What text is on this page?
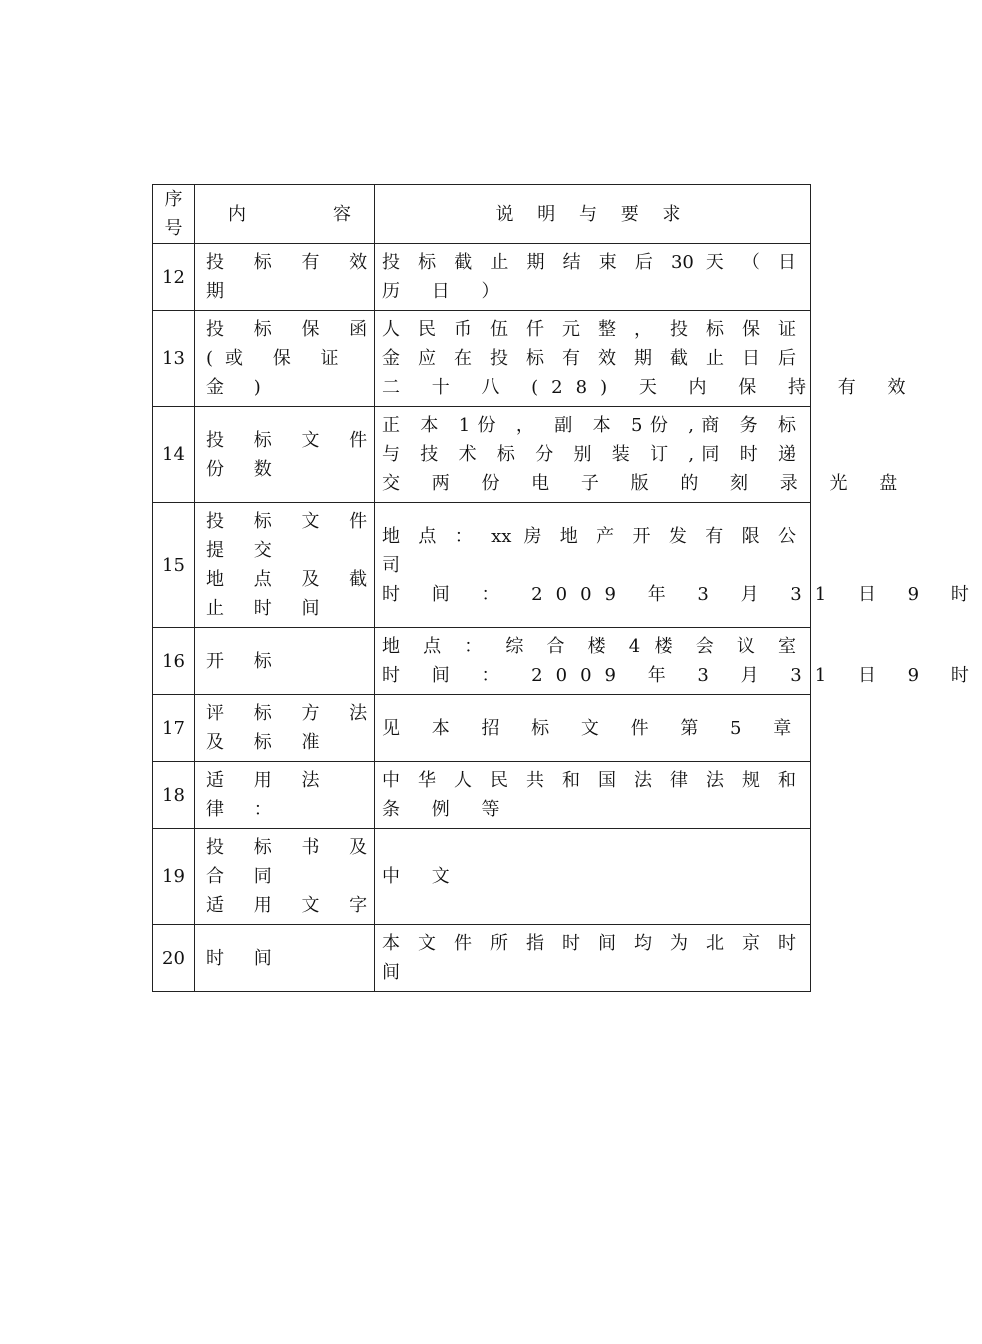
序
号	内 容	说 明 与 要 求
12	投 标 有 效
期	投 标 截 止 期 结 束 后 30 天 （ 日
历 日 ）

13	投 标 保 函
(或 保 证
金 )	人 民 币 伍 仟 元 整 ， 投 标 保 证
金 应 在 投 标 有 效 期 截 止 日 后
二 十 八 (28) 天 内 保 持 有 效

14	投 标 文 件
份 数	正 本 1份 ， 副 本 5份 ,商 务 标
与 技 术 标 分 别 装 订 ,同 时 递
交 两 份 电 子 版 的 刻 录 光 盘

15	投 标 文 件
提 交
地 点 及 截
止 时 间	地 点 ： xx 房 地 产 开 发 有 限 公
司
时 间 ： 2009 年 3 月 31 日 9 时

16	开 标	地 点 ： 综 合 楼 4 楼 会 议 室
时 间 ： 2009 年 3 月 31 日 9 时

17	评 标 方 法
及 标 准	见 本 招 标 文 件 第 5 章

18	适 用 法
律 ：	中 华 人 民 共 和 国 法 律 法 规 和
条 例 等

19	投 标 书 及
合 同
适 用 文 字	中 文

20	时 间	本 文 件 所 指 时 间 均 为 北 京 时
间
